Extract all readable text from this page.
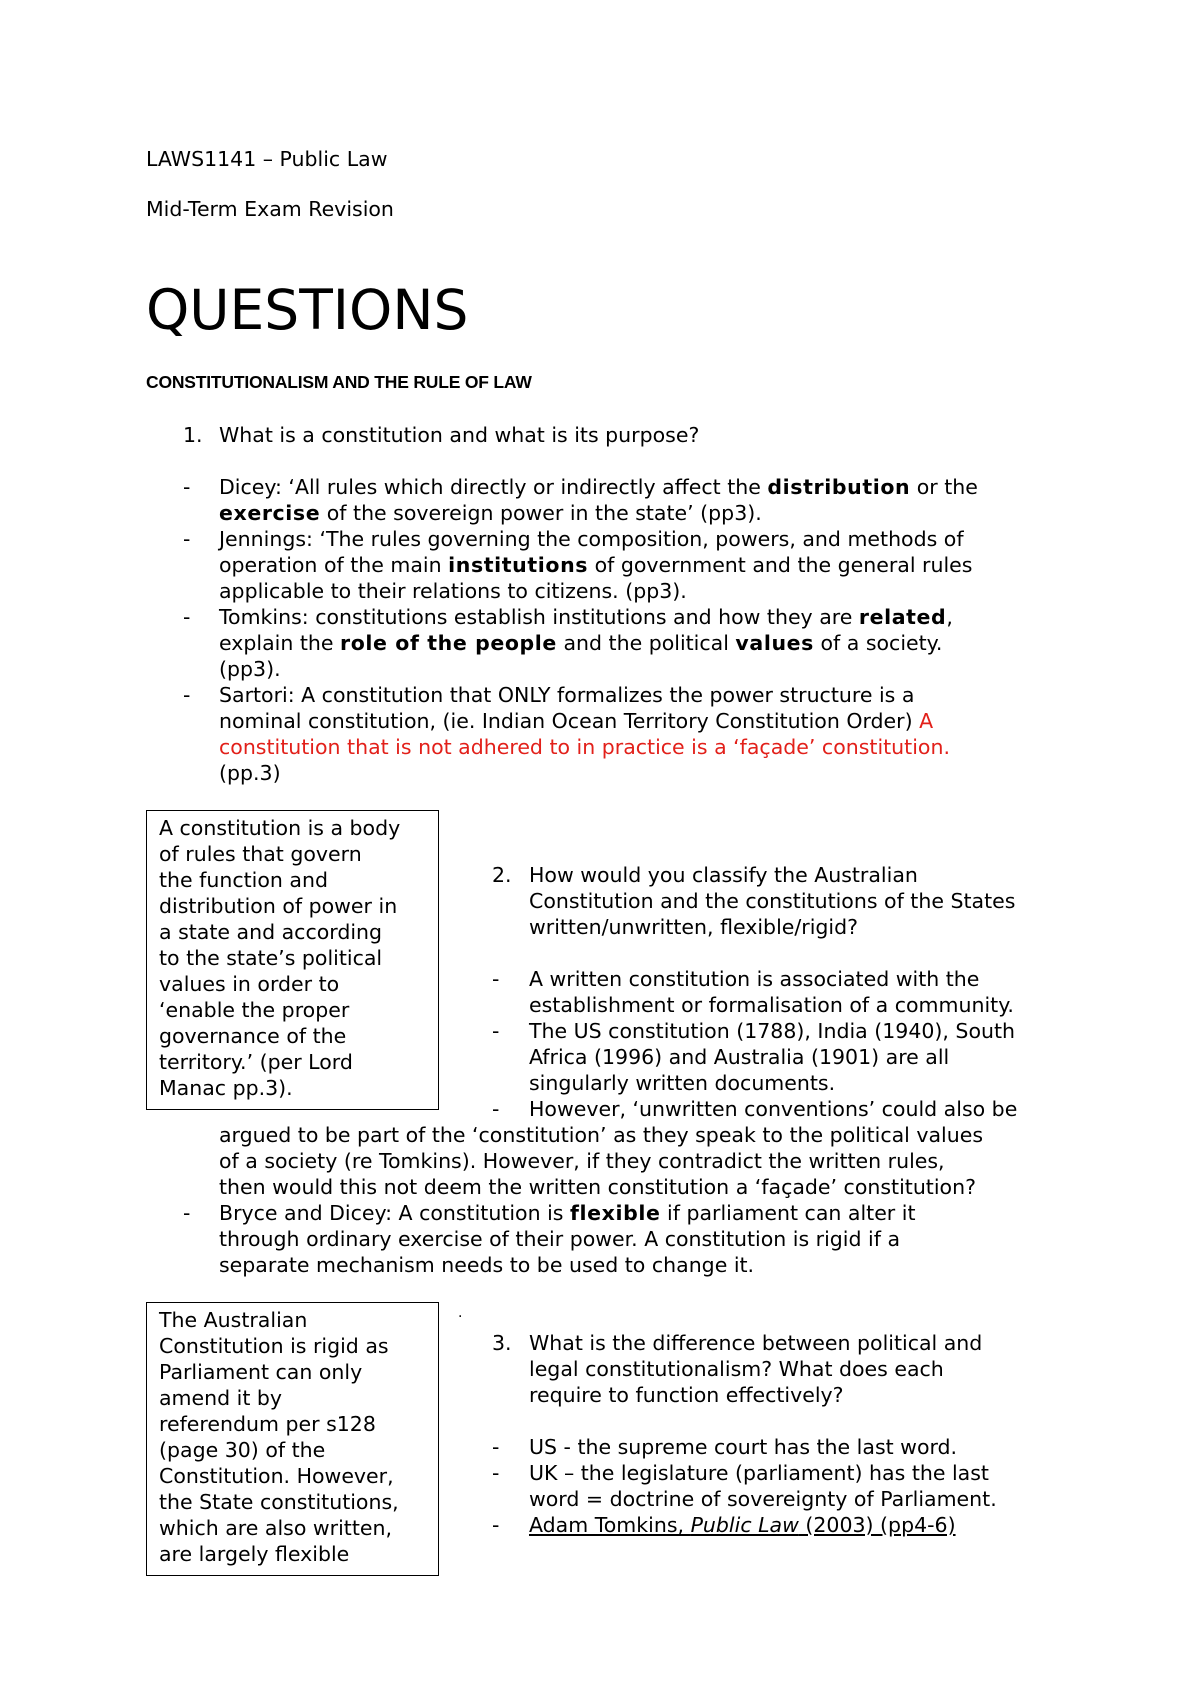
LAWS1141 – Public Law
Mid-Term Exam Revision
QUESTIONS
CONSTITUTIONALISM AND THE RULE OF LAW
1. What is a constitution and what is its purpose?
-	Dicey: ‘All rules which directly or indirectly affect the distribution or the
exercise of the sovereign power in the state’ (pp3).
-	Jennings: ‘The rules governing the composition, powers, and methods of
operation of the main institutions of government and the general rules
applicable to their relations to citizens. (pp3).
-	Tomkins: constitutions establish institutions and how they are related,
explain the role of the people and the political values of a society.
(pp3).
-	Sartori: A constitution that ONLY formalizes the power structure is a
nominal constitution, (ie. Indian Ocean Territory Constitution Order) A
constitution that is not adhered to in practice is a ‘façade’ constitution.
(pp.3)
A constitution is a body
of rules that govern
the function and
distribution of power in
a state and according
to the state’s political
values in order to
‘enable the proper
governance of the
territory.’ (per Lord
Manac pp.3).
2. How would you classify the Australian
Constitution and the constitutions of the States
written/unwritten, flexible/rigid?
-	A written constitution is associated with the
establishment or formalisation of a community.
-	The US constitution (1788), India (1940), South
Africa (1996) and Australia (1901) are all
singularly written documents.
-	However, ‘unwritten conventions’ could also be
argued to be part of the ‘constitution’ as they speak to the political values
of a society (re Tomkins). However, if they contradict the written rules,
then would this not deem the written constitution a ‘façade’ constitution?
-	Bryce and Dicey: A constitution is flexible if parliament can alter it
through ordinary exercise of their power. A constitution is rigid if a
separate mechanism needs to be used to change it.
The Australian
Constitution is rigid as
Parliament can only
amend it by
referendum per s128
(page 30) of the
Constitution. However,
the State constitutions,
which are also written,
are largely flexible
·
3. What is the difference between political and
legal constitutionalism? What does each
require to function effectively?
-	US - the supreme court has the last word.
-	UK – the legislature (parliament) has the last
word = doctrine of sovereignty of Parliament.
-	Adam Tomkins, Public Law (2003) (pp4-6)
